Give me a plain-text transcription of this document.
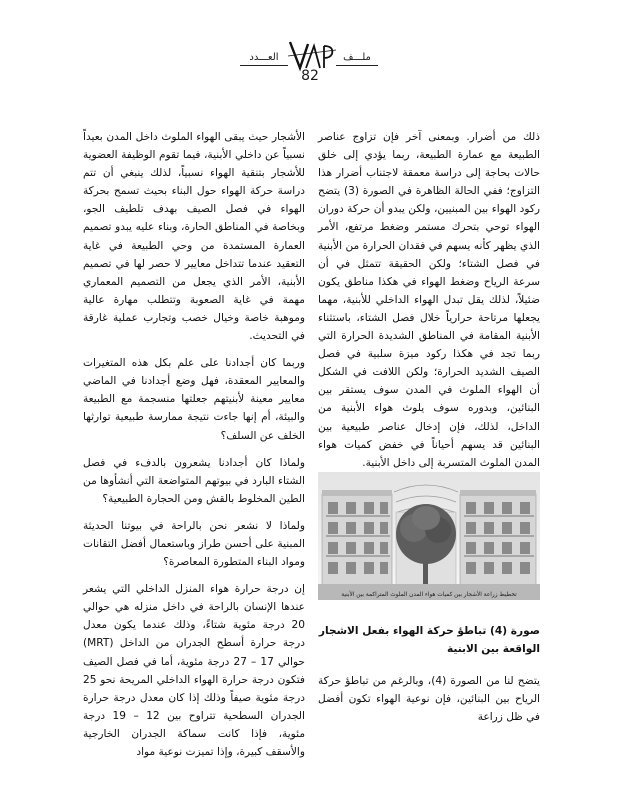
ملـــف
العـــدد
82

ذلك من أضرار. وبمعنى آخر فإن تزاوج عناصر الطبيعة مع عمارة الطبيعة، ربما يؤدي إلى خلق حالات بحاجة إلى دراسة معمقة لاجتناب أضرار هذا التزاوج؛ ففي الحالة الظاهرة في الصورة (3) يتضح ركود الهواء بين المبنيين، ولكن يبدو أن حركة دوران الهواء توحي بتحرك مستمر وضغط مرتفع، الأمر الذي يظهر كأنه يسهم في فقدان الحرارة من الأبنية في فصل الشتاء؛ ولكن الحقيقة تتمثل في أن سرعة الرياح وضغط الهواء في هكذا مناطق يكون ضئيلاً، لذلك يقل تبدل الهواء الداخلي للأبنية، مهما يجعلها مرتاحة حرارياً خلال فصل الشتاء، باستثناء الأبنية المقامة في المناطق الشديدة الحرارة التي ربما تجد في هكذا ركود ميزة سلبية في فصل الصيف الشديد الحرارة؛ ولكن اللافت في الشكل أن الهواء الملوث في المدن سوف يستقر بين البنائين، وبدوره سوف يلوث هواء الأبنية من الداخل، لذلك، فإن إدخال عناصر طبيعية بين البنائين قد يسهم أحياناً في خفض كميات هواء المدن الملوث المتسربة إلى داخل الأبنية.

تخطيط زراعة الأشجار بين كميات هواء المدن الملوث المتراكمة بين الأبنية
صورة (4) تباطؤ حركة الهواء بفعل الاشجار الواقعة بين الابنية

يتضح لنا من الصورة (4)، وبالرغم من تباطؤ حركة الرياح بين البنائين، فإن نوعية الهواء تكون أفضل في ظل زراعة

الأشجار حيث يبقى الهواء الملوث داخل المدن بعيداً نسبياً عن داخلي الأبنية، فيما تقوم الوظيفة العضوية للأشجار بتنقية الهواء نسبياً، لذلك ينبغي أن تتم دراسة حركة الهواء حول البناء بحيث تسمح بحركة الهواء في فصل الصيف بهدف تلطيف الجو، وبخاصة في المناطق الحارة، وبناء عليه يبدو تصميم العمارة المستمدة من وحي الطبيعة في غاية التعقيد عندما تتداخل معايير لا حصر لها في تصميم الأبنية، الأمر الذي يجعل من التصميم المعماري مهمة في غاية الصعوبة وتتطلب مهارة عالية وموهبة خاصة وخيال خصب وتجارب عملية غارقة في التحديث.

وربما كان أجدادنا على علم بكل هذه المتغيرات والمعايير المعقدة، فهل وضع أجدادنا في الماضي معايير معينة لأبنيتهم جعلتها منسجمة مع الطبيعة والبيئة، أم إنها جاءت نتيجة ممارسة طبيعية توارثها الخلف عن السلف؟

ولماذا كان أجدادنا يشعرون بالدفء في فصل الشتاء البارد في بيوتهم المتواضعة التي أنشأوها من الطين المخلوط بالقش ومن الحجارة الطبيعية؟

ولماذا لا نشعر نحن بالراحة في بيوتنا الحديثة المبنية على أحسن طراز وباستعمال أفضل التقانات ومواد البناء المتطورة المعاصرة؟

إن درجة حرارة هواء المنزل الداخلي التي يشعر عندها الإنسان بالراحة في داخل منزله هي حوالي 20 درجة مئوية شتاءً، وذلك عندما يكون معدل درجة حرارة أسطح الجدران من الداخل (MRT) حوالي 17 – 27 درجة مئوية، أما في فصل الصيف فتكون درجة حرارة الهواء الداخلي المريحة نحو 25 درجة مئوية صيفاً وذلك إذا كان معدل درجة حرارة الجدران السطحية تتراوح بين 12 – 19 درجة مئوية، فإذا كانت سماكة الجدران الخارجية والأسقف كبيرة، وإذا تميزت نوعية مواد
